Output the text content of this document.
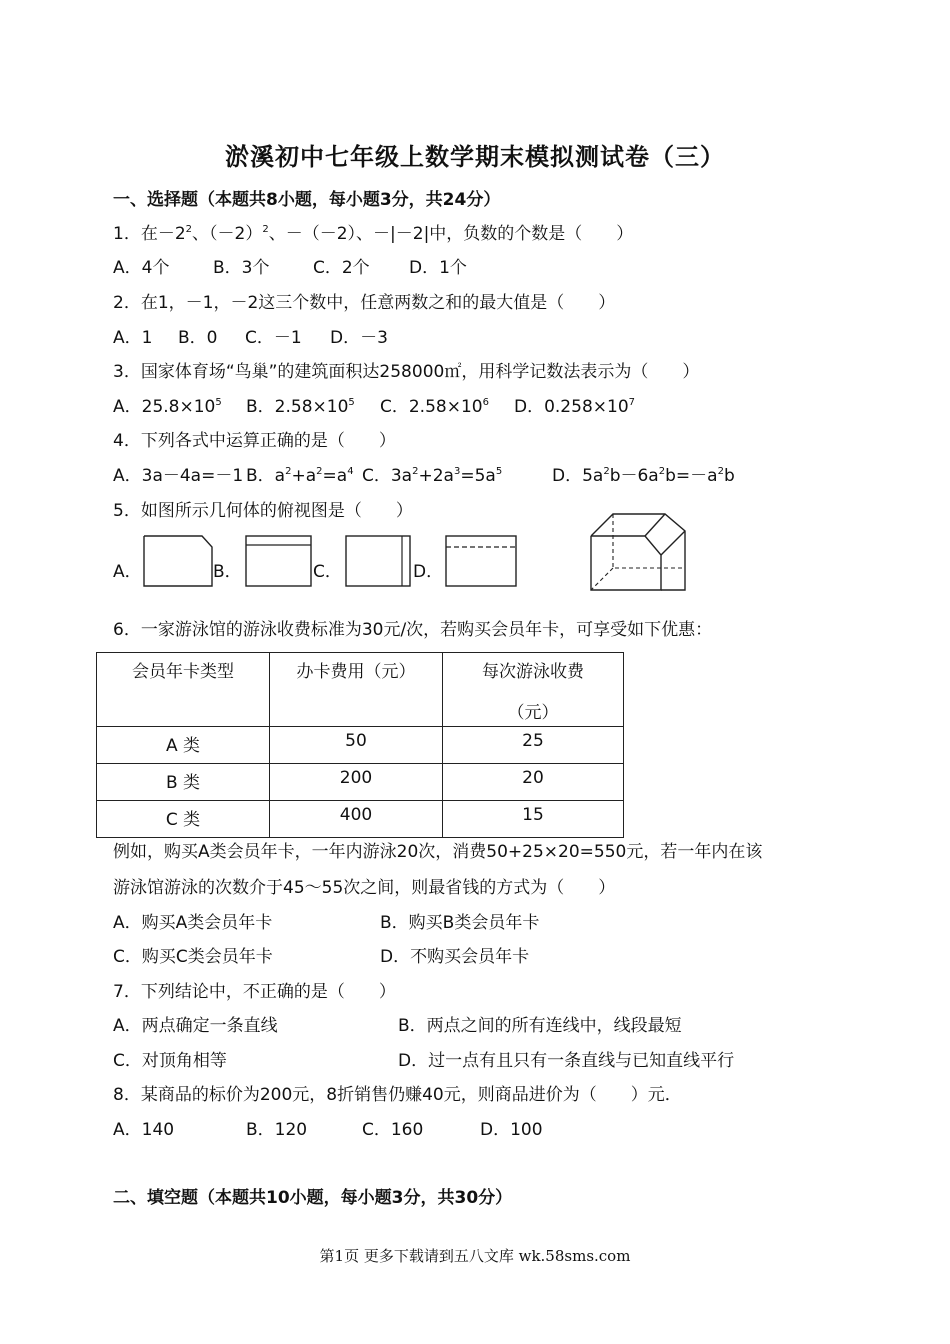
淤溪初中七年级上数学期末模拟测试卷（三）
一、选择题（本题共8小题，每小题3分，共24分）
1．在$-2^2$、$(-2)^2$、－（－2）、－|－2|中，负数的个数是（　　）
A．4个	B．3个	C．2个 D．1个
2．在1，－1，－2这三个数中，任意两数之和的最大值是（　　）
A．1 B．0 C．－1 D．－3
3．国家体育场“鸟巢”的建筑面积达258000㎡，用科学记数法表示为（　　）
A．$25.8\times 10^5$ B．$2.58\times 10^5$ C．$2.58\times 10^6$ D．$0.258\times 10^7$
4．下列各式中运算正确的是（　　）
A．3a－4a=－1 B．$a^2+a^2=a^4$ C．$3a^2+2a^3=5a^5$	D．$5a^2b-6a^2b=-a^2b$
5．如图所示几何体的俯视图是（　　）
A．	B．	C．	D．
6．一家游泳馆的游泳收费标准为30元/次，若购买会员年卡，可享受如下优惠：
会员年卡类型	办卡费用（元）	每次游泳收费
（元）

A 类	50	25

B 类	200	20

C 类	400	15
例如，购买A类会员年卡，一年内游泳20次，消费50+25×20=550元，若一年内在该
游泳馆游泳的次数介于45～55次之间，则最省钱的方式为（　　）
A．购买A类会员年卡	B．购买B类会员年卡
C．购买C类会员年卡	D．不购买会员年卡
7．下列结论中，不正确的是（　　）
A．两点确定一条直线	B．两点之间的所有连线中，线段最短
C．对顶角相等	D．过一点有且只有一条直线与已知直线平行
8．某商品的标价为200元，8折销售仍赚40元，则商品进价为（　　）元．
A．140	B．120	C．160	D．100
二、填空题（本题共10小题，每小题3分，共30分）
第1页 更多下载请到五八文库 wk.58sms.com
